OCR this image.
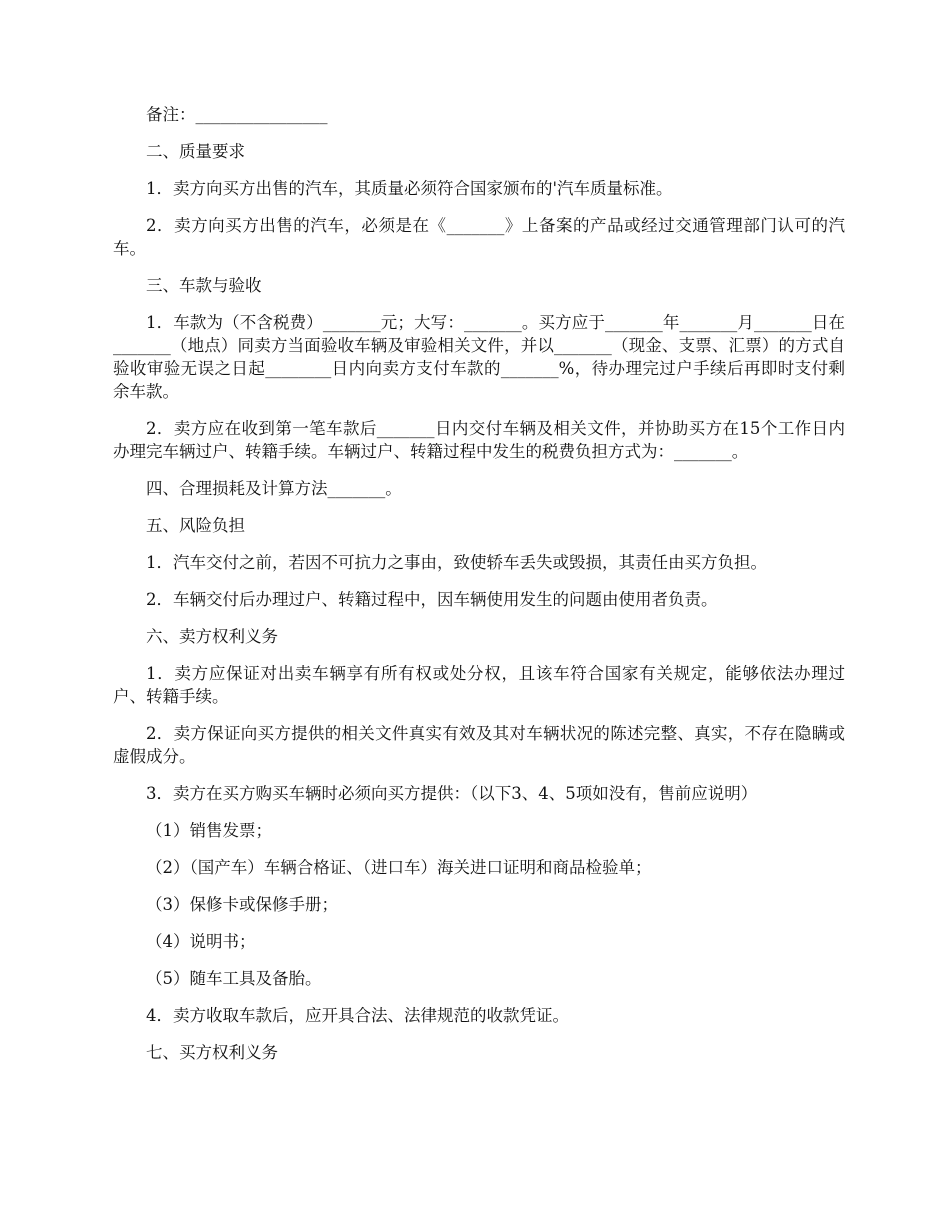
备注：________________

二、质量要求

1．卖方向买方出售的汽车，其质量必须符合国家颁布的'汽车质量标准。

2．卖方向买方出售的汽车，必须是在《_______》上备案的产品或经过交通管理部门认可的汽车。

三、车款与验收

1．车款为（不含税费）_______元；大写：_______。买方应于_______年_______月_______日在_______（地点）同卖方当面验收车辆及审验相关文件，并以_______（现金、支票、汇票）的方式自验收审验无误之日起________日内向卖方支付车款的_______%，待办理完过户手续后再即时支付剩余车款。

2．卖方应在收到第一笔车款后_______日内交付车辆及相关文件，并协助买方在15个工作日内办理完车辆过户、转籍手续。车辆过户、转籍过程中发生的税费负担方式为：_______。

四、合理损耗及计算方法_______。

五、风险负担

1．汽车交付之前，若因不可抗力之事由，致使轿车丢失或毁损，其责任由买方负担。

2．车辆交付后办理过户、转籍过程中，因车辆使用发生的问题由使用者负责。

六、卖方权利义务

1．卖方应保证对出卖车辆享有所有权或处分权，且该车符合国家有关规定，能够依法办理过户、转籍手续。

2．卖方保证向买方提供的相关文件真实有效及其对车辆状况的陈述完整、真实，不存在隐瞒或虚假成分。

3．卖方在买方购买车辆时必须向买方提供：（以下3、4、5项如没有，售前应说明）

（1）销售发票；

（2）（国产车）车辆合格证、（进口车）海关进口证明和商品检验单；

（3）保修卡或保修手册；

（4）说明书；

（5）随车工具及备胎。

4．卖方收取车款后，应开具合法、法律规范的收款凭证。

七、买方权利义务
